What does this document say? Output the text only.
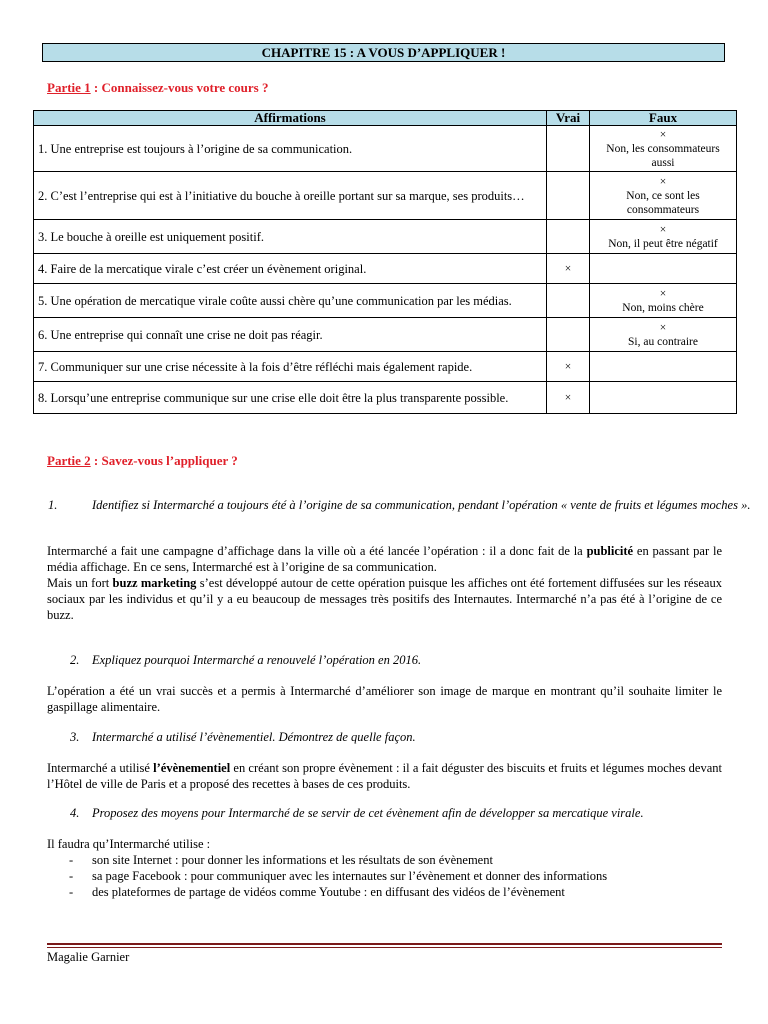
CHAPITRE 15 : A VOUS D’APPLIQUER !
Partie 1 : Connaissez-vous votre cours ?
Affirmations	Vrai	Faux
1. Une entreprise est toujours à l’origine de sa communication.		×
Non, les consommateurs aussi

2. C’est l’entreprise qui est à l’initiative du bouche à oreille portant sur sa marque, ses produits…		×
Non, ce sont les consommateurs

3. Le bouche à oreille est uniquement positif.		×
Non, il peut être négatif

4. Faire de la mercatique virale c’est créer un évènement original.	×	

5. Une opération de mercatique virale coûte aussi chère qu’une communication par les médias.		×
Non, moins chère

6. Une entreprise qui connaît une crise ne doit pas réagir.		×
Si, au contraire

7. Communiquer sur une crise nécessite à la fois d’être réfléchi mais également rapide.	×	

8. Lorsqu’une entreprise communique sur une crise elle doit être la plus transparente possible.	×	
Partie 2 : Savez-vous l’appliquer ?
1.	Identifiez si Intermarché a toujours été à l’origine de sa communication, pendant l’opération « vente de fruits et légumes moches ».
Intermarché a fait une campagne d’affichage dans la ville où a été lancée l’opération : il a donc fait de la publicité en passant par le média affichage. En ce sens, Intermarché est à l’origine de sa communication.
Mais un fort buzz marketing s’est développé autour de cette opération puisque les affiches ont été fortement diffusées sur les réseaux sociaux par les individus et qu’il y a eu beaucoup de messages très positifs des Internautes. Intermarché n’a pas été à l’origine de ce buzz.
2. Expliquez pourquoi Intermarché a renouvelé l’opération en 2016.
L’opération a été un vrai succès et a permis à Intermarché d’améliorer son image de marque en montrant qu’il souhaite limiter le gaspillage alimentaire.
3. Intermarché a utilisé l’évènementiel. Démontrez de quelle façon.
Intermarché a utilisé l’évènementiel en créant son propre évènement : il a fait déguster des biscuits et fruits et légumes moches devant l’Hôtel de ville de Paris et a proposé des recettes à bases de ces produits.
4. Proposez des moyens pour Intermarché de se servir de cet évènement afin de développer sa mercatique virale.
Il faudra qu’Intermarché utilise :
- son site Internet : pour donner les informations et les résultats de son évènement
- sa page Facebook : pour communiquer avec les internautes sur l’évènement et donner des informations
- des plateformes de partage de vidéos comme Youtube : en diffusant des vidéos de l’évènement
Magalie Garnier
